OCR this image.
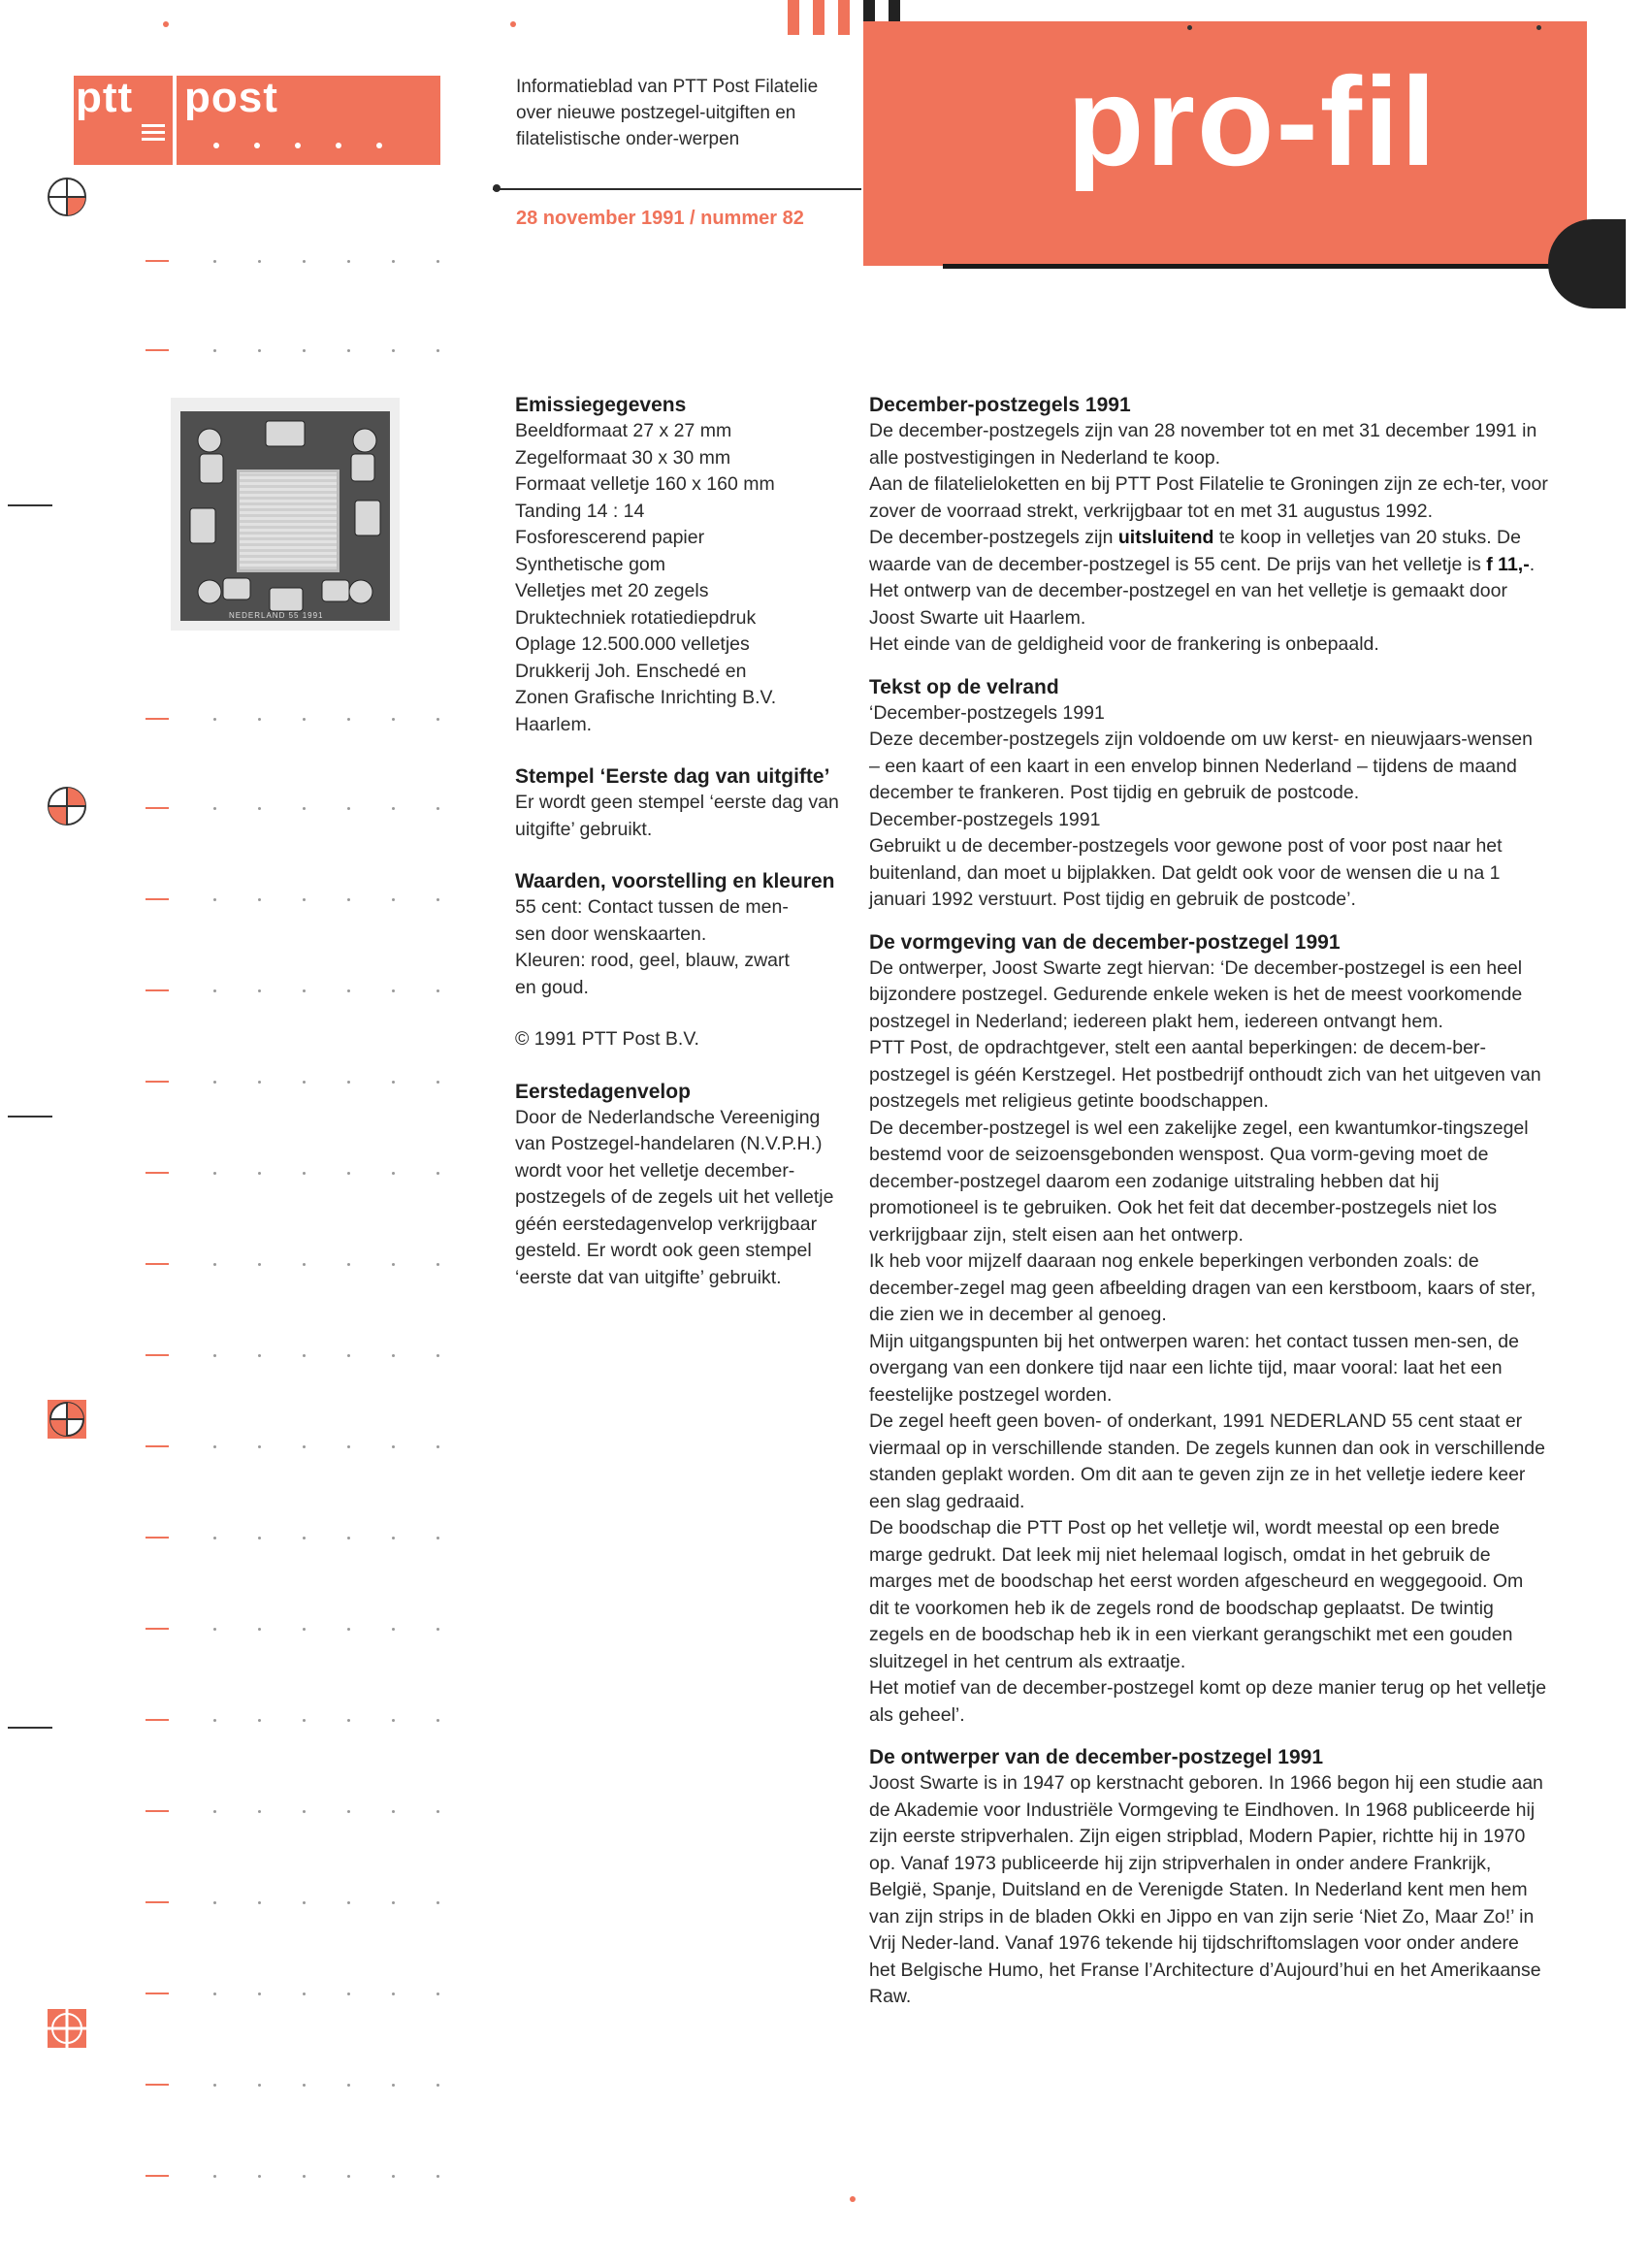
ptt	post	Informatieblad van PTT Post Filatelie over nieuwe postzegel-uitgiften en filatelistische onder-werpen
28 november 1991 / nummer 82
pro-fil
NEDERLAND 55 1991
Emissiegegevens

Beeldformaat 27 x 27 mm

Zegelformaat 30 x 30 mm

Formaat velletje 160 x 160 mm

Tanding 14 : 14

Fosforescerend papier

Synthetische gom

Velletjes met 20 zegels

Druktechniek rotatiediepdruk

Oplage 12.500.000 velletjes

Drukkerij Joh. Enschedé en

Zonen Grafische Inrichting B.V.

Haarlem.

Stempel ‘Eerste dag van uitgifte’

Er wordt geen stempel ‘eerste dag van uitgifte’ gebruikt.

Waarden, voorstelling en kleuren

55 cent: Contact tussen de men-

sen door wenskaarten.

Kleuren: rood, geel, blauw, zwart

en goud.

© 1991 PTT Post B.V.

Eerstedagenvelop

Door de Nederlandsche Vereeniging van Postzegel-handelaren (N.V.P.H.) wordt voor het velletje december-postzegels of de zegels uit het velletje géén eerstedagenvelop verkrijgbaar gesteld. Er wordt ook geen stempel ‘eerste dat van uitgifte’ gebruikt.

December-postzegels 1991

De december-postzegels zijn van 28 november tot en met 31 december 1991 in alle postvestigingen in Nederland te koop.

Aan de filatelieloketten en bij PTT Post Filatelie te Groningen zijn ze ech-ter, voor zover de voorraad strekt, verkrijgbaar tot en met 31 augustus 1992.

De december-postzegels zijn uitsluitend te koop in velletjes van 20 stuks. De waarde van de december-postzegel is 55 cent. De prijs van het velletje is f 11,-.

Het ontwerp van de december-postzegel en van het velletje is gemaakt door Joost Swarte uit Haarlem.

Het einde van de geldigheid voor de frankering is onbepaald.

Tekst op de velrand

‘December-postzegels 1991

Deze december-postzegels zijn voldoende om uw kerst- en nieuwjaars-wensen – een kaart of een kaart in een envelop binnen Nederland – tijdens de maand december te frankeren. Post tijdig en gebruik de postcode.

December-postzegels 1991

Gebruikt u de december-postzegels voor gewone post of voor post naar het buitenland, dan moet u bijplakken. Dat geldt ook voor de wensen die u na 1 januari 1992 verstuurt. Post tijdig en gebruik de postcode’.

De vormgeving van de december-postzegel 1991

De ontwerper, Joost Swarte zegt hiervan: ‘De december-postzegel is een heel bijzondere postzegel. Gedurende enkele weken is het de meest voorkomende postzegel in Nederland; iedereen plakt hem, iedereen ontvangt hem.

PTT Post, de opdrachtgever, stelt een aantal beperkingen: de decem-ber-postzegel is géén Kerstzegel. Het postbedrijf onthoudt zich van het uitgeven van postzegels met religieus getinte boodschappen.

De december-postzegel is wel een zakelijke zegel, een kwantumkor-tingszegel bestemd voor de seizoensgebonden wenspost. Qua vorm-geving moet de december-postzegel daarom een zodanige uitstraling hebben dat hij promotioneel is te gebruiken. Ook het feit dat december-postzegels niet los verkrijgbaar zijn, stelt eisen aan het ontwerp.

Ik heb voor mijzelf daaraan nog enkele beperkingen verbonden zoals: de december-zegel mag geen afbeelding dragen van een kerstboom, kaars of ster, die zien we in december al genoeg.

Mijn uitgangspunten bij het ontwerpen waren: het contact tussen men-sen, de overgang van een donkere tijd naar een lichte tijd, maar vooral: laat het een feestelijke postzegel worden.

De zegel heeft geen boven- of onderkant, 1991 NEDERLAND 55 cent staat er viermaal op in verschillende standen. De zegels kunnen dan ook in verschillende standen geplakt worden. Om dit aan te geven zijn ze in het velletje iedere keer een slag gedraaid.

De boodschap die PTT Post op het velletje wil, wordt meestal op een brede marge gedrukt. Dat leek mij niet helemaal logisch, omdat in het gebruik de marges met de boodschap het eerst worden afgescheurd en weggegooid. Om dit te voorkomen heb ik de zegels rond de boodschap geplaatst. De twintig zegels en de boodschap heb ik in een vierkant gerangschikt met een gouden sluitzegel in het centrum als extraatje.

Het motief van de december-postzegel komt op deze manier terug op het velletje als geheel’.

De ontwerper van de december-postzegel 1991

Joost Swarte is in 1947 op kerstnacht geboren. In 1966 begon hij een studie aan de Akademie voor Industriële Vormgeving te Eindhoven. In 1968 publiceerde hij zijn eerste stripverhalen. Zijn eigen stripblad, Modern Papier, richtte hij in 1970 op. Vanaf 1973 publiceerde hij zijn stripverhalen in onder andere Frankrijk, België, Spanje, Duitsland en de Verenigde Staten. In Nederland kent men hem van zijn strips in de bladen Okki en Jippo en van zijn serie ‘Niet Zo, Maar Zo!’ in Vrij Neder-land. Vanaf 1976 tekende hij tijdschriftomslagen voor onder andere het Belgische Humo, het Franse l’Architecture d’Aujourd’hui en het Amerikaanse Raw.
